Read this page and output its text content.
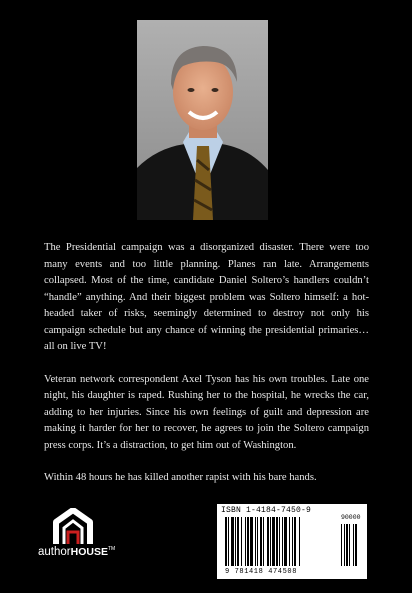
The Presidential campaign was a disorganized disaster. There were too many events and too little planning. Planes ran late. Arrangements collapsed. Most of the time, candidate Daniel Soltero’s handlers couldn’t “handle” anything. And their biggest problem was Soltero himself: a hot-headed taker of risks, seemingly determined to destroy not only his campaign schedule but any chance of winning the presidential primaries… all on live TV!

Veteran network correspondent Axel Tyson has his own troubles. Late one night, his daughter is raped. Rushing her to the hospital, he wrecks the car, adding to her injuries. Since his own feelings of guilt and depression are making it harder for her to recover, he agrees to join the Soltero campaign press corps. It’s a distraction, to get him out of Washington.

Within 48 hours he has killed another rapist with his bare hands.

authorHOUSE™
ISBN 1-4184-7450-9
90000
9 781418 474508
